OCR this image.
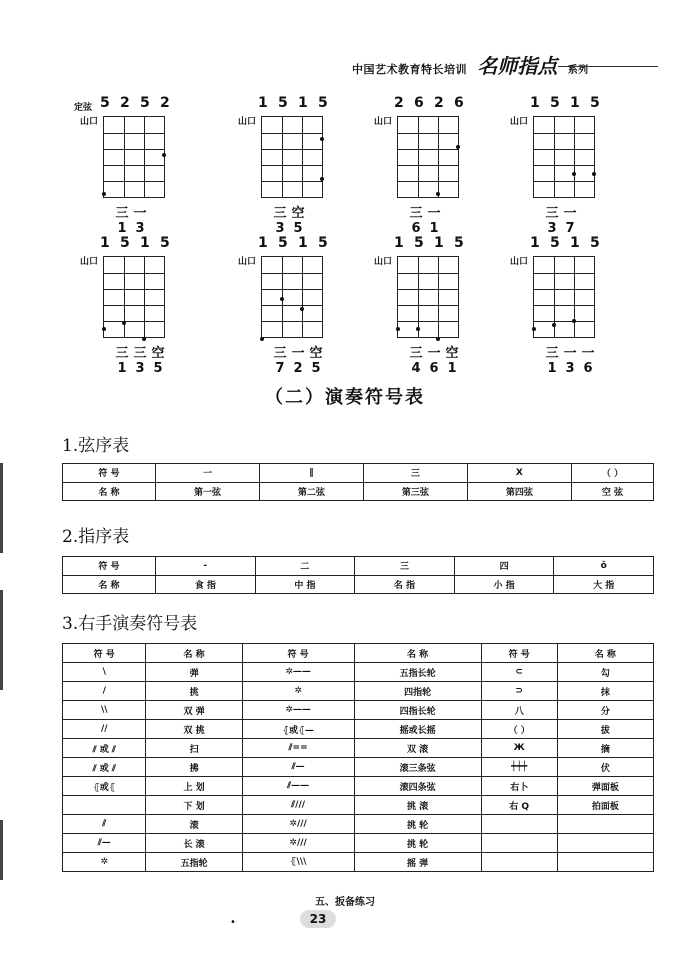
中国艺术教育特长培训 名师指点 系列
定弦 5 2 5 2
山口
三 1
一 3
1 5 1 5
山口
三 3
空 5
2 6 2 6
山口
三 6
一 1
1 5 1 5
山口
三 3
一 7
1 5 1 5
山口
三 1
三 3
空 5
1 5 1 5
山口
三 7
一 2
空 5
1 5 1 5
山口
三 4
一 6
空 1
1 5 1 5
山口
三 1
一 3
一 6
（二）演奏符号表
1.弦序表
符 号	一	‖	三	X	（ ）
名 称	第一弦	第二弦	第三弦	第四弦	空 弦
2.指序表
符 号	-	二	三	四	ǒ
名 称	食 指	中 指	名 指	小 指	大 指
3.右手演奏符号表
符 号	名 称	符 号	名 称	符 号	名 称
\	弹	✲——	五指长轮	⊂	勾
/	挑	✲	四指轮	⊃	抹
\\	双 弹	✲——	四指长轮	八	分
//	双 挑	⦃或⦃—	摇或长摇	（ ）	拔
⫽ 或 ⫽	扫	⫽==	双 滚	Ж	摘
⫽ 或 ⫽	拂	⫽—	滚三条弦	┿┿┿	伏
⦃或⦃	上 划	⫽——	滚四条弦	右卜	弹面板
	下 划	⫽///	挑 滚	右 Q	拍面板
⫽	滚	✲///	挑 轮		
⫽—	长 滚	✲///	挑 轮		
✲	五指轮	⦃\\\	摇 弹		
五、扳备练习
•	23
